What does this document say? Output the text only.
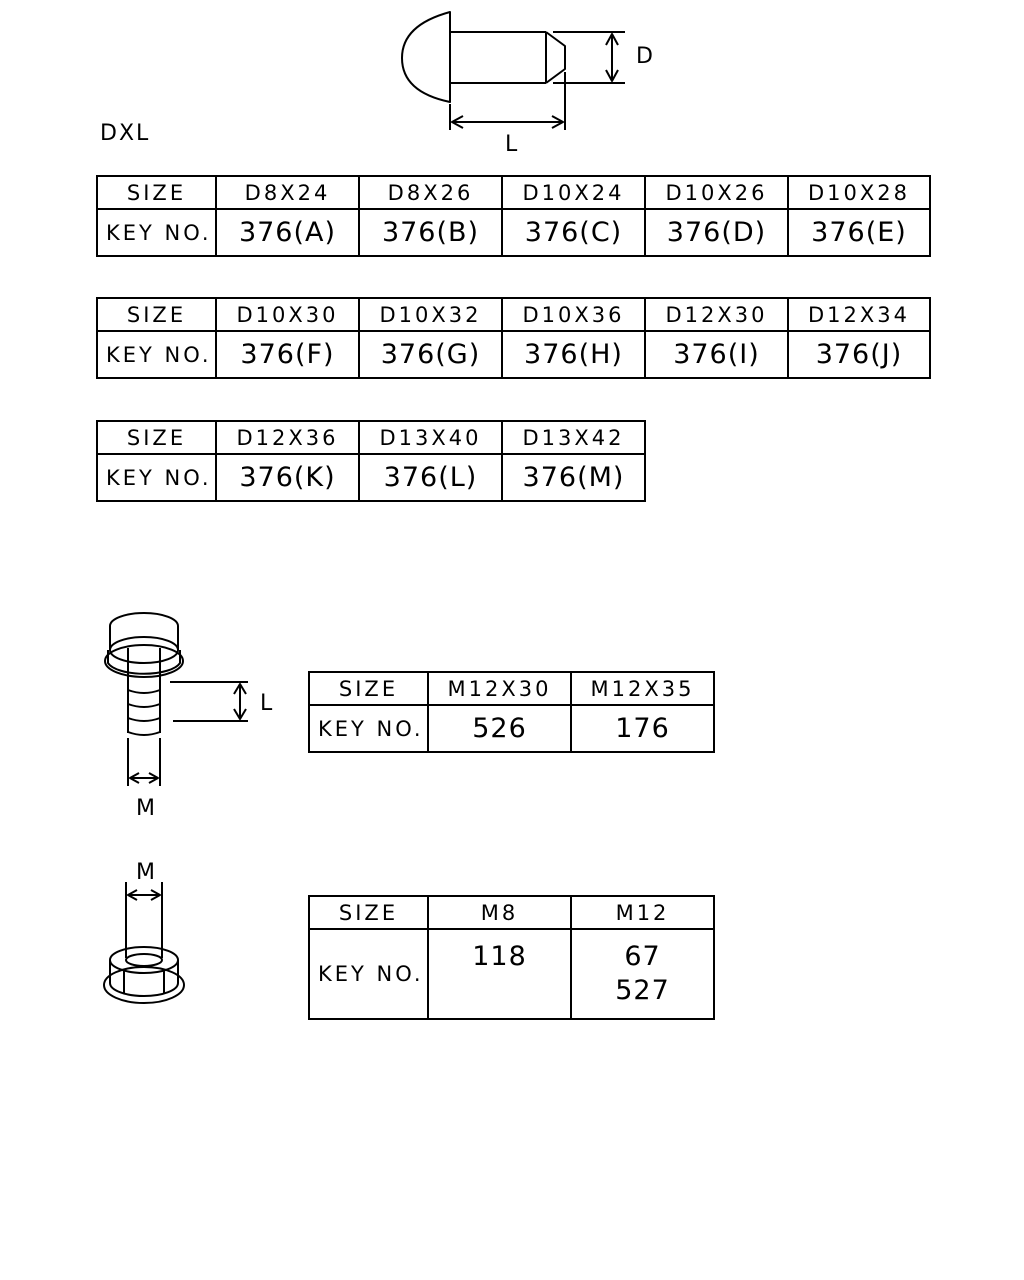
D
L
DXL
L
M
M
SIZE	D8X24	D8X26	D10X24	D10X26	D10X28
KEY NO.	376(A)	376(B)	376(C)	376(D)	376(E)
SIZE	D10X30	D10X32	D10X36	D12X30	D12X34
KEY NO.	376(F)	376(G)	376(H)	376(I)	376(J)
SIZE	D12X36	D13X40	D13X42
KEY NO.	376(K)	376(L)	376(M)
SIZE	M12X30	M12X35
KEY NO.	526	176
SIZE	M8	M12
KEY NO.	118	67
527
